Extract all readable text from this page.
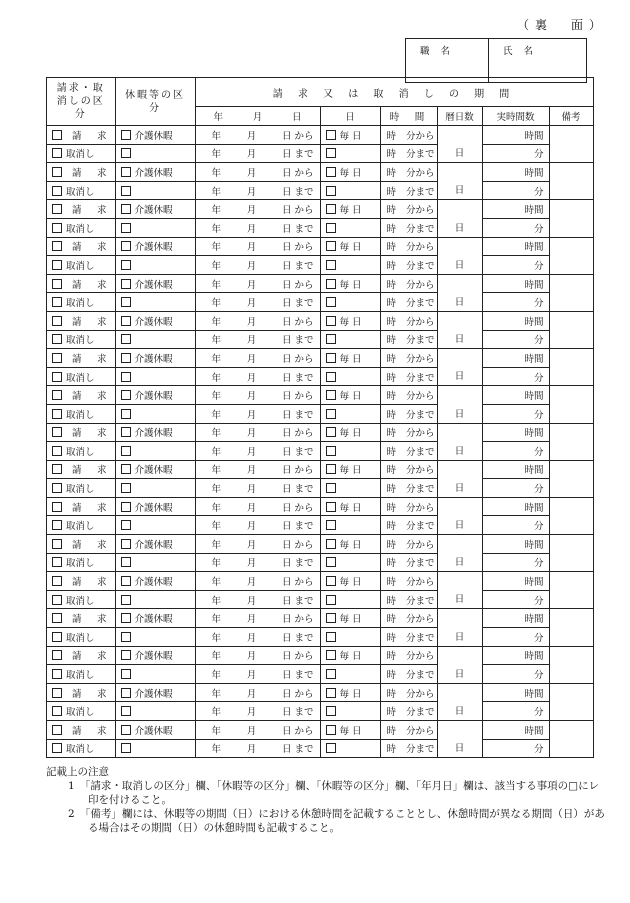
（裏　面）
職 名	氏 名
請求・取消しの区分	休暇等の区分	請 求 又 は 取 消 し の 期 間					

		年 月 日	日	時　間	暦日数	実時間数	備考

請　求	介護休暇	年 月 日 から	毎 日	時 分から	日	時間	

取消し		年 月 日 まで		時 分まで		分	

請　求	介護休暇	年 月 日 から	毎 日	時 分から	日	時間	

取消し		年 月 日 まで		時 分まで		分	

請　求	介護休暇	年 月 日 から	毎 日	時 分から	日	時間	

取消し		年 月 日 まで		時 分まで		分	

請　求	介護休暇	年 月 日 から	毎 日	時 分から	日	時間	

取消し		年 月 日 まで		時 分まで		分	

請　求	介護休暇	年 月 日 から	毎 日	時 分から	日	時間	

取消し		年 月 日 まで		時 分まで		分	

請　求	介護休暇	年 月 日 から	毎 日	時 分から	日	時間	

取消し		年 月 日 まで		時 分まで		分	

請　求	介護休暇	年 月 日 から	毎 日	時 分から	日	時間	

取消し		年 月 日 まで		時 分まで		分	

請　求	介護休暇	年 月 日 から	毎 日	時 分から	日	時間	

取消し		年 月 日 まで		時 分まで		分	

請　求	介護休暇	年 月 日 から	毎 日	時 分から	日	時間	

取消し		年 月 日 まで		時 分まで		分	

請　求	介護休暇	年 月 日 から	毎 日	時 分から	日	時間	

取消し		年 月 日 まで		時 分まで		分	

請　求	介護休暇	年 月 日 から	毎 日	時 分から	日	時間	

取消し		年 月 日 まで		時 分まで		分	

請　求	介護休暇	年 月 日 から	毎 日	時 分から	日	時間	

取消し		年 月 日 まで		時 分まで		分	

請　求	介護休暇	年 月 日 から	毎 日	時 分から	日	時間	

取消し		年 月 日 まで		時 分まで		分	

請　求	介護休暇	年 月 日 から	毎 日	時 分から	日	時間	

取消し		年 月 日 まで		時 分まで		分	

請　求	介護休暇	年 月 日 から	毎 日	時 分から	日	時間	

取消し		年 月 日 まで		時 分まで		分	

請　求	介護休暇	年 月 日 から	毎 日	時 分から	日	時間	

取消し		年 月 日 まで		時 分まで		分	

請　求	介護休暇	年 月 日 から	毎 日	時 分から	日	時間	

取消し		年 月 日 まで		時 分まで		分	
記載上の注意
1　「請求・取消しの区分」欄、「休暇等の区分」欄、「休暇等の区分」欄、「年月日」欄は、該当する事項の□にレ印を付けること。
2　「備考」欄には、休暇等の期間（日）における休憩時間を記載することとし、休憩時間が異なる期間（日）がある場合はその期間（日）の休憩時間も記載すること。
